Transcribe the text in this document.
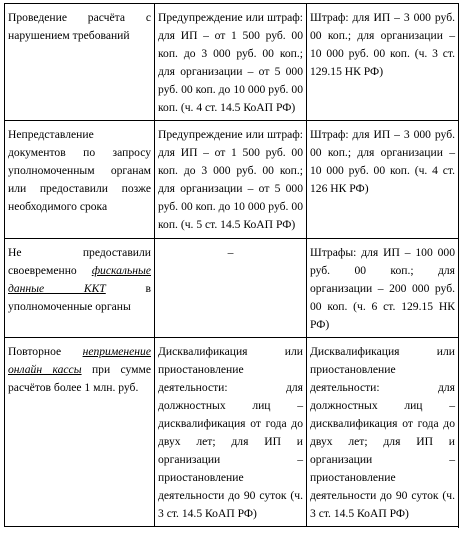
Проведение расчёта с нарушением требований	Предупреждение или штраф: для ИП – от 1 500 руб. 00 коп. до 3 000 руб. 00 коп.; для организации – от 5 000 руб. 00 коп. до 10 000 руб. 00 коп. (ч. 4 ст. 14.5 КоАП РФ)	Штраф: для ИП – 3 000 руб. 00 коп.; для организации – 10 000 руб. 00 коп. (ч. 3 ст. 129.15 НК РФ)
Непредставление документов по запросу уполномоченным органам или предоставили позже необходимого срока	Предупреждение или штраф: для ИП – от 1 500 руб. 00 коп. до 3 000 руб. 00 коп.; для организации – от 5 000 руб. 00 коп. до 10 000 руб. 00 коп. (ч. 5 ст. 14.5 КоАП РФ)	Штраф: для ИП – 3 000 руб. 00 коп.; для организации – 10 000 руб. 00 коп. (ч. 4 ст. 126 НК РФ)
Не предоставили своевременно фискальные данные ККТ в уполномоченные органы	–	Штрафы: для ИП – 100 000 руб. 00 коп.; для организации – 200 000 руб. 00 коп. (ч. 6 ст. 129.15 НК РФ)
Повторное неприменение онлайн кассы при сумме расчётов более 1 млн. руб.	Дисквалификация или приостановление деятельности: для должностных лиц – дисквалификация от года до двух лет; для ИП и организации – приостановление деятельности до 90 суток (ч. 3 ст. 14.5 КоАП РФ)	Дисквалификация или приостановление деятельности: для должностных лиц – дисквалификация от года до двух лет; для ИП и организации – приостановление деятельности до 90 суток (ч. 3 ст. 14.5 КоАП РФ)
